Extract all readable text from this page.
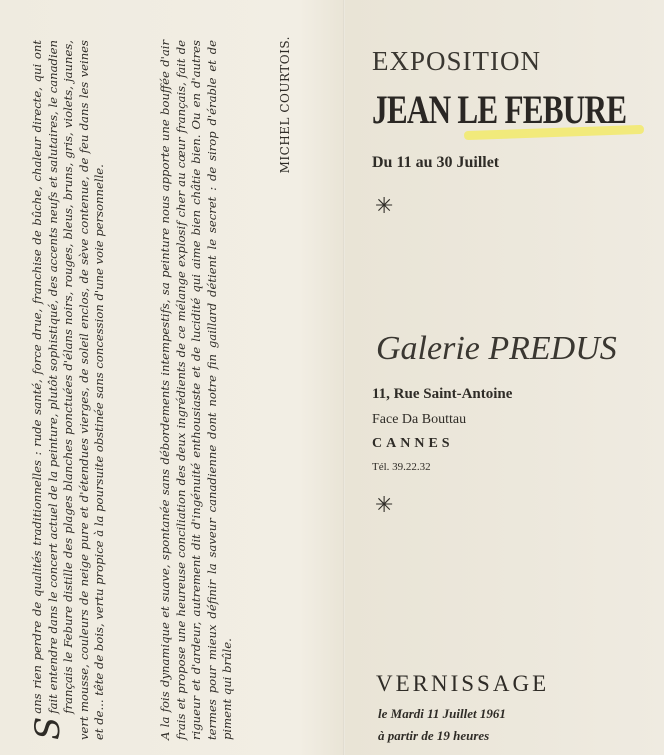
S
ans rien perdre de qualités traditionnelles : rude santé, force drue, franchise de bûche, chaleur directe, qui ont fait entendre dans le concert actuel de la peinture, plutôt sophistiqué, des accents neufs et salutaires, le canadien français le Febure distille des plages blanches ponctuées d'élans noirs, rouges, bleus, bruns, gris, violets, jaunes, vert mousse, couleurs de neige pure et d'étendues vierges, de soleil enclos, de sève contenue, de feu dans les veines et de... tête de bois, vertu propice à la poursuite obstinée sans concession d'une voie personnelle.	A la fois dynamique et suave, spontanée sans débordements intempestifs, sa peinture nous apporte une bouffée d'air frais et propose une heureuse conciliation des deux ingrédients de ce mélange explosif cher au cœur français, fait de rigueur et d'ardeur, autrement dit d'ingénuité enthousiaste et de lucidité qui aime bien châtie bien. Ou en d'autres termes pour mieux définir la saveur canadienne dont notre fin gaillard détient le secret : de sirop d'érable et de piment qui brûle.

MICHEL COURTOIS.	EXPOSITION
JEAN LE FEBURE
Du 11 au 30 Juillet
✳
Galerie PREDUS
11, Rue Saint-Antoine
Face Da Bouttau
CANNES
Tél. 39.22.32
✳
VERNISSAGE
le Mardi 11 Juillet 1961
à partir de 19 heures
